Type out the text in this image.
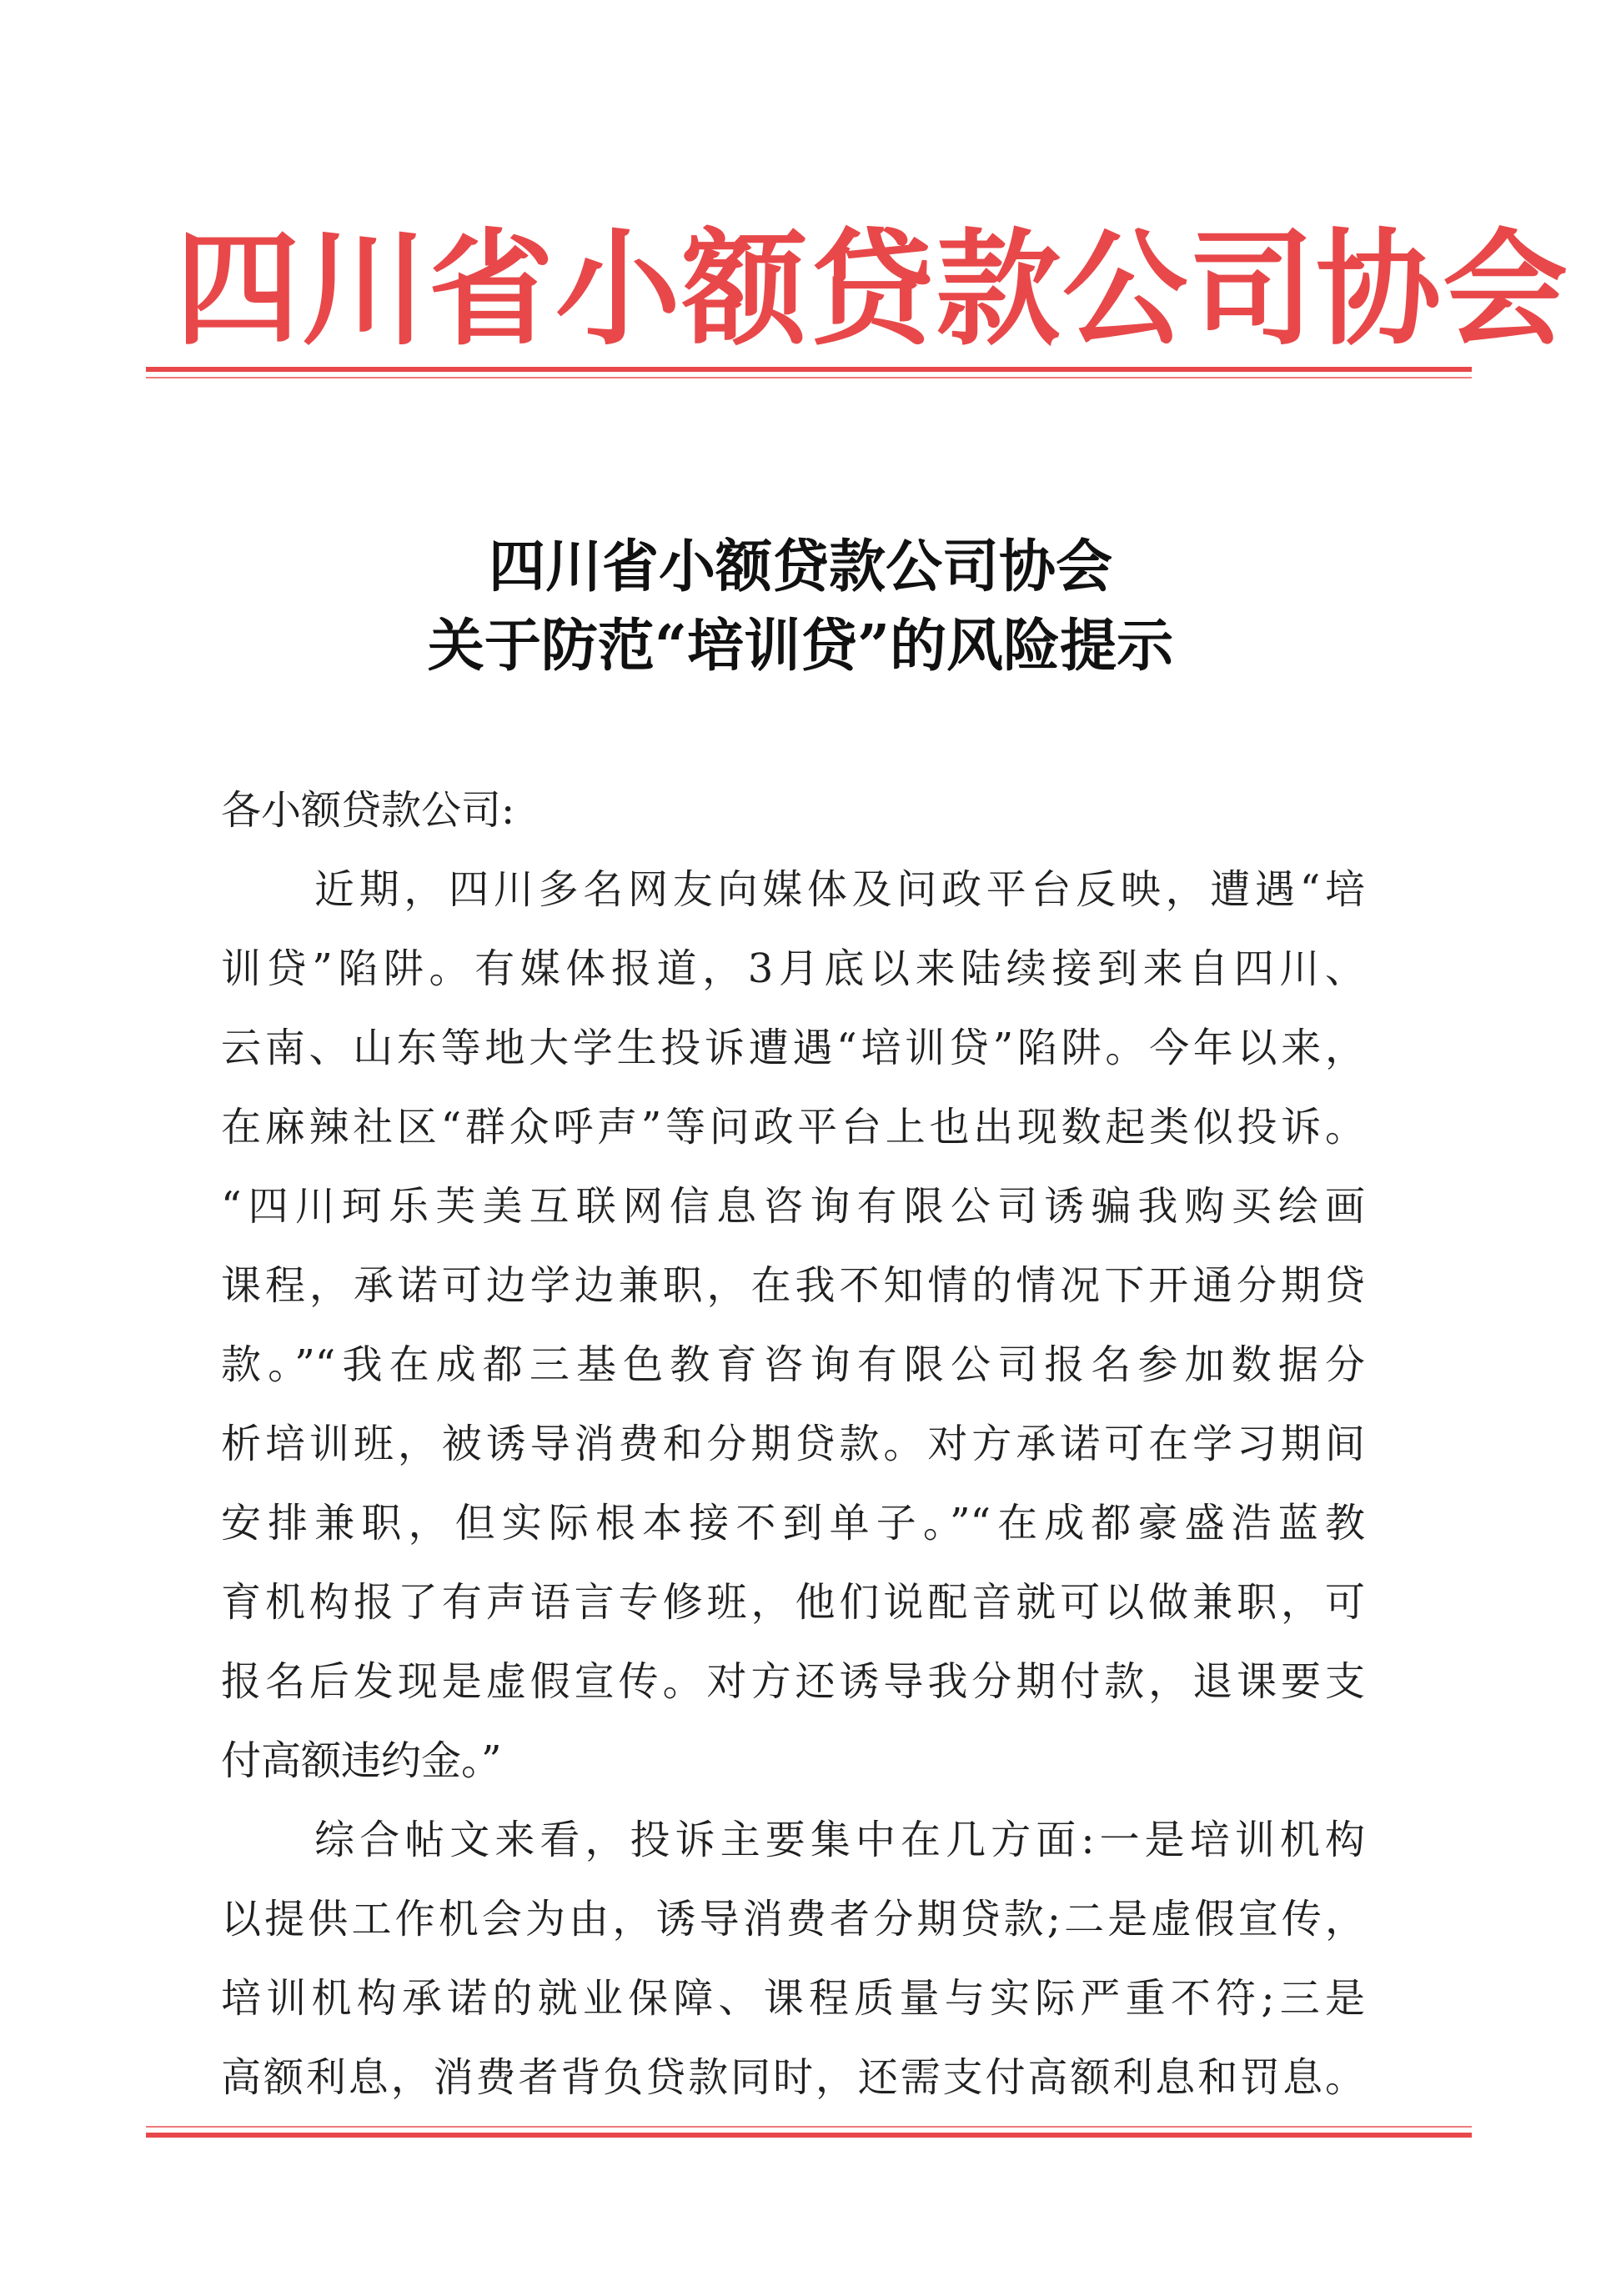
四川省小额贷款公司协会
四川省小额贷款公司协会
关于防范“培训贷”的风险提示
各小额贷款公司:
近期，四川多名网友向媒体及问政平台反映，遭遇“培
训贷”陷阱。有媒体报道，3月底以来陆续接到来自四川、
云南、山东等地大学生投诉遭遇“培训贷”陷阱。今年以来，
在麻辣社区“群众呼声”等问政平台上也出现数起类似投诉。
“四川珂乐芙美互联网信息咨询有限公司诱骗我购买绘画
课程，承诺可边学边兼职，在我不知情的情况下开通分期贷
款。”“我在成都三基色教育咨询有限公司报名参加数据分
析培训班，被诱导消费和分期贷款。对方承诺可在学习期间
安排兼职，但实际根本接不到单子。”“在成都豪盛浩蓝教
育机构报了有声语言专修班，他们说配音就可以做兼职，可
报名后发现是虚假宣传。对方还诱导我分期付款，退课要支
付高额违约金。”
综合帖文来看，投诉主要集中在几方面:一是培训机构
以提供工作机会为由，诱导消费者分期贷款;二是虚假宣传，
培训机构承诺的就业保障、课程质量与实际严重不符;三是
高额利息，消费者背负贷款同时，还需支付高额利息和罚息。
